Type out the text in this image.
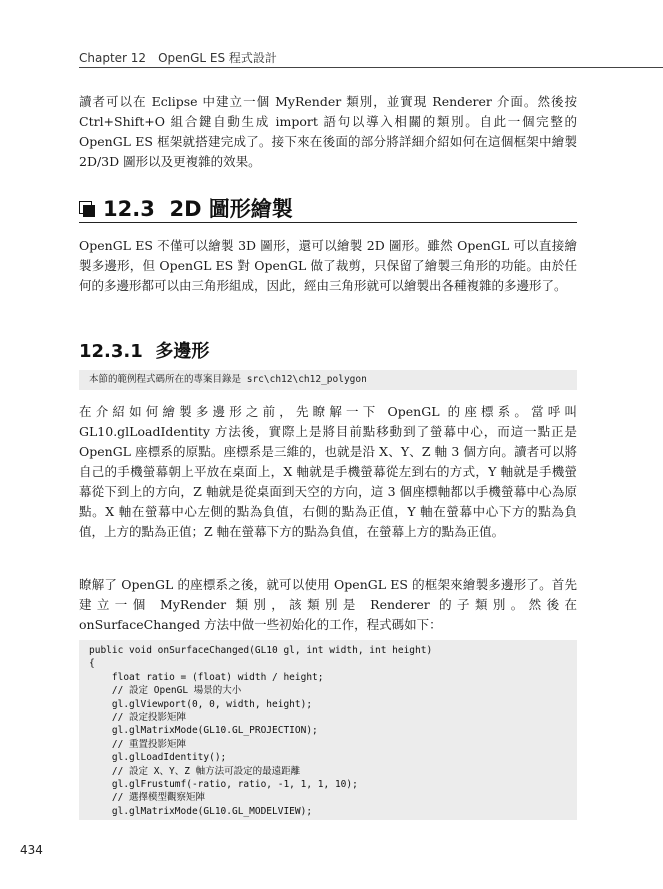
Chapter 12 OpenGL ES 程式設計

讀者可以在 Eclipse 中建立一個 MyRender 類別，並實現 Renderer 介面。然後按 Ctrl+Shift+O 組合鍵自動生成 import 語句以導入相關的類別。自此一個完整的 OpenGL ES 框架就搭建完成了。接下來在後面的部分將詳細介紹如何在這個框架中繪製 2D/3D 圖形以及更複雜的效果。

12.3 2D 圖形繪製

OpenGL ES 不僅可以繪製 3D 圖形，還可以繪製 2D 圖形。雖然 OpenGL 可以直接繪製多邊形，但 OpenGL ES 對 OpenGL 做了裁剪，只保留了繪製三角形的功能。由於任何的多邊形都可以由三角形組成，因此，經由三角形就可以繪製出各種複雜的多邊形了。

12.3.1 多邊形
本節的範例程式碼所在的專案目錄是 src\ch12\ch12_polygon

在介紹如何繪製多邊形之前，先瞭解一下 OpenGL 的座標系。當呼叫 GL10.glLoadIdentity 方法後，實際上是將目前點移動到了螢幕中心，而這一點正是 OpenGL 座標系的原點。座標系是三維的，也就是沿 X、Y、Z 軸 3 個方向。讀者可以將自己的手機螢幕朝上平放在桌面上，X 軸就是手機螢幕從左到右的方式，Y 軸就是手機螢幕從下到上的方向，Z 軸就是從桌面到天空的方向，這 3 個座標軸都以手機螢幕中心為原點。X 軸在螢幕中心左側的點為負值，右側的點為正值，Y 軸在螢幕中心下方的點為負值，上方的點為正值；Z 軸在螢幕下方的點為負值，在螢幕上方的點為正值。

瞭解了 OpenGL 的座標系之後，就可以使用 OpenGL ES 的框架來繪製多邊形了。首先建立一個 MyRender 類別，該類別是 Renderer 的子類別。然後在 onSurfaceChanged 方法中做一些初始化的工作，程式碼如下：

public void onSurfaceChanged(GL10 gl, int width, int height)
{
float ratio = (float) width / height;
// 設定 OpenGL 場景的大小
gl.glViewport(0, 0, width, height);
// 設定投影矩陣
gl.glMatrixMode(GL10.GL_PROJECTION);
// 重置投影矩陣
gl.glLoadIdentity();
// 設定 X、Y、Z 軸方法可設定的最遠距離
gl.glFrustumf(-ratio, ratio, -1, 1, 1, 10);
// 選擇模型觀察矩陣
gl.glMatrixMode(GL10.GL_MODELVIEW);
434
